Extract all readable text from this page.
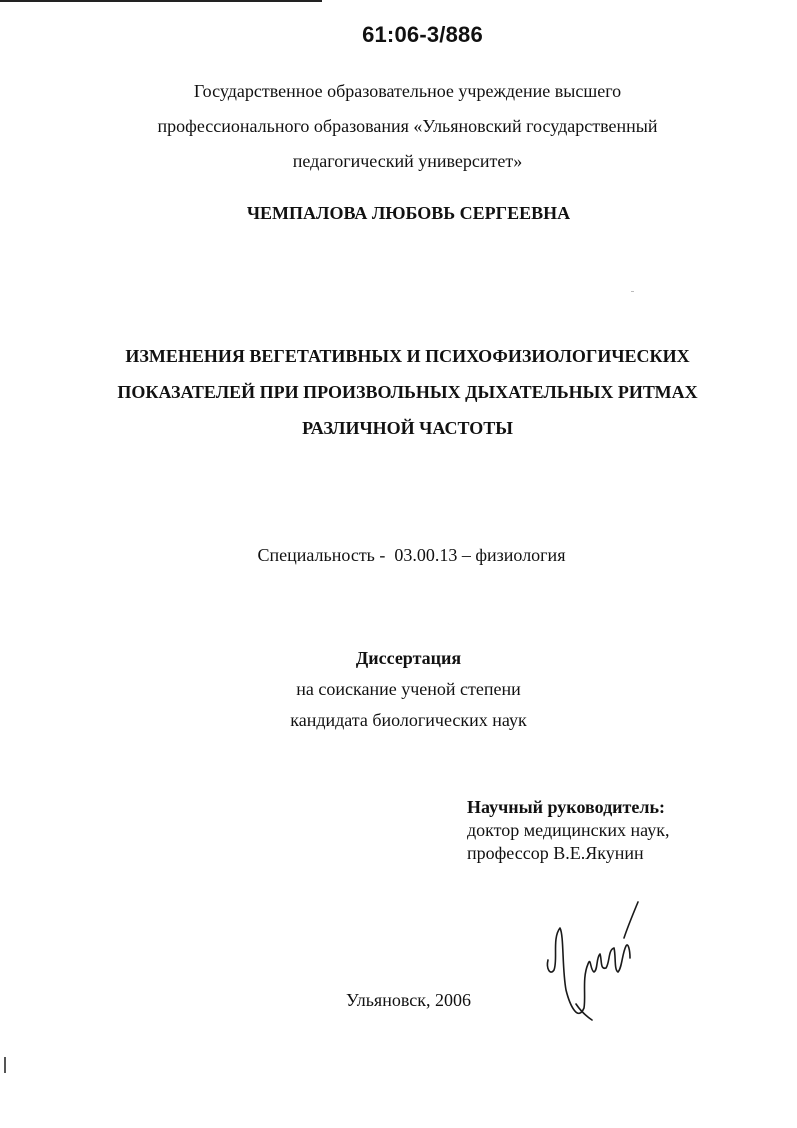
61:06-3/886
Государственное образовательное учреждение высшего
профессионального образования «Ульяновский государственный
педагогический университет»
ЧЕМПАЛОВА ЛЮБОВЬ СЕРГЕЕВНА
ИЗМЕНЕНИЯ ВЕГЕТАТИВНЫХ И ПСИХОФИЗИОЛОГИЧЕСКИХ
ПОКАЗАТЕЛЕЙ ПРИ ПРОИЗВОЛЬНЫХ ДЫХАТЕЛЬНЫХ РИТМАХ
РАЗЛИЧНОЙ ЧАСТОТЫ
Специальность -  03.00.13 – физиология
Диссертация
на соискание ученой степени
кандидата биологических наук
Научный руководитель:
доктор медицинских наук,
профессор В.Е.Якунин
Ульяновск, 2006
